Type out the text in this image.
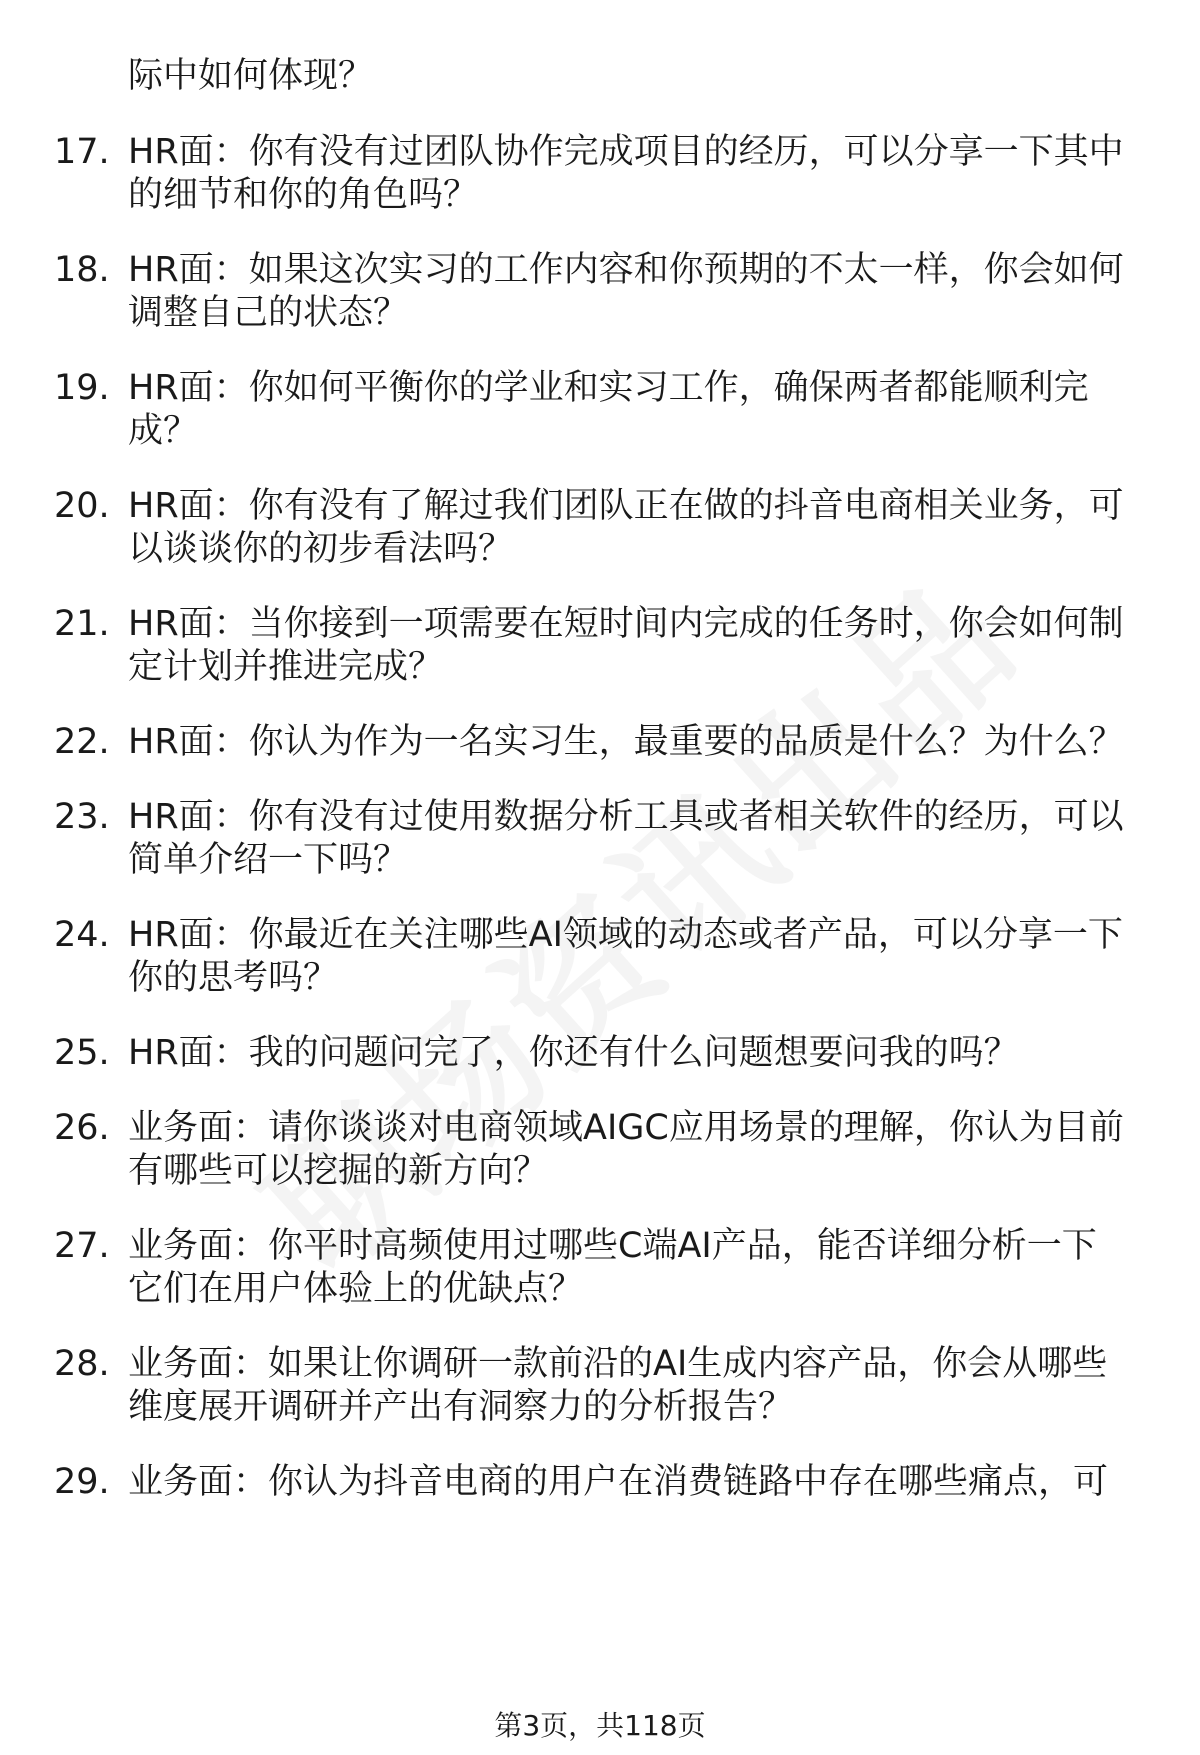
际中如何体现？
17. HR面：你有没有过团队协作完成项目的经历，可以分享一下其中
的细节和你的角色吗？
18. HR面：如果这次实习的工作内容和你预期的不太一样，你会如何
调整自己的状态？
19. HR面：你如何平衡你的学业和实习工作，确保两者都能顺利完
成？
20. HR面：你有没有了解过我们团队正在做的抖音电商相关业务，可
以谈谈你的初步看法吗？
21. HR面：当你接到一项需要在短时间内完成的任务时，你会如何制
定计划并推进完成？
22. HR面：你认为作为一名实习生，最重要的品质是什么？为什么？
23. HR面：你有没有过使用数据分析工具或者相关软件的经历，可以
简单介绍一下吗？
24. HR面：你最近在关注哪些AI领域的动态或者产品，可以分享一下
你的思考吗？
25. HR面：我的问题问完了，你还有什么问题想要问我的吗？
26. 业务面：请你谈谈对电商领域AIGC应用场景的理解，你认为目前
有哪些可以挖掘的新方向？
27. 业务面：你平时高频使用过哪些C端AI产品，能否详细分析一下
它们在用户体验上的优缺点？
28. 业务面：如果让你调研一款前沿的AI生成内容产品，你会从哪些
维度展开调研并产出有洞察力的分析报告？
29. 业务面：你认为抖音电商的用户在消费链路中存在哪些痛点，可
第3页，共118页
